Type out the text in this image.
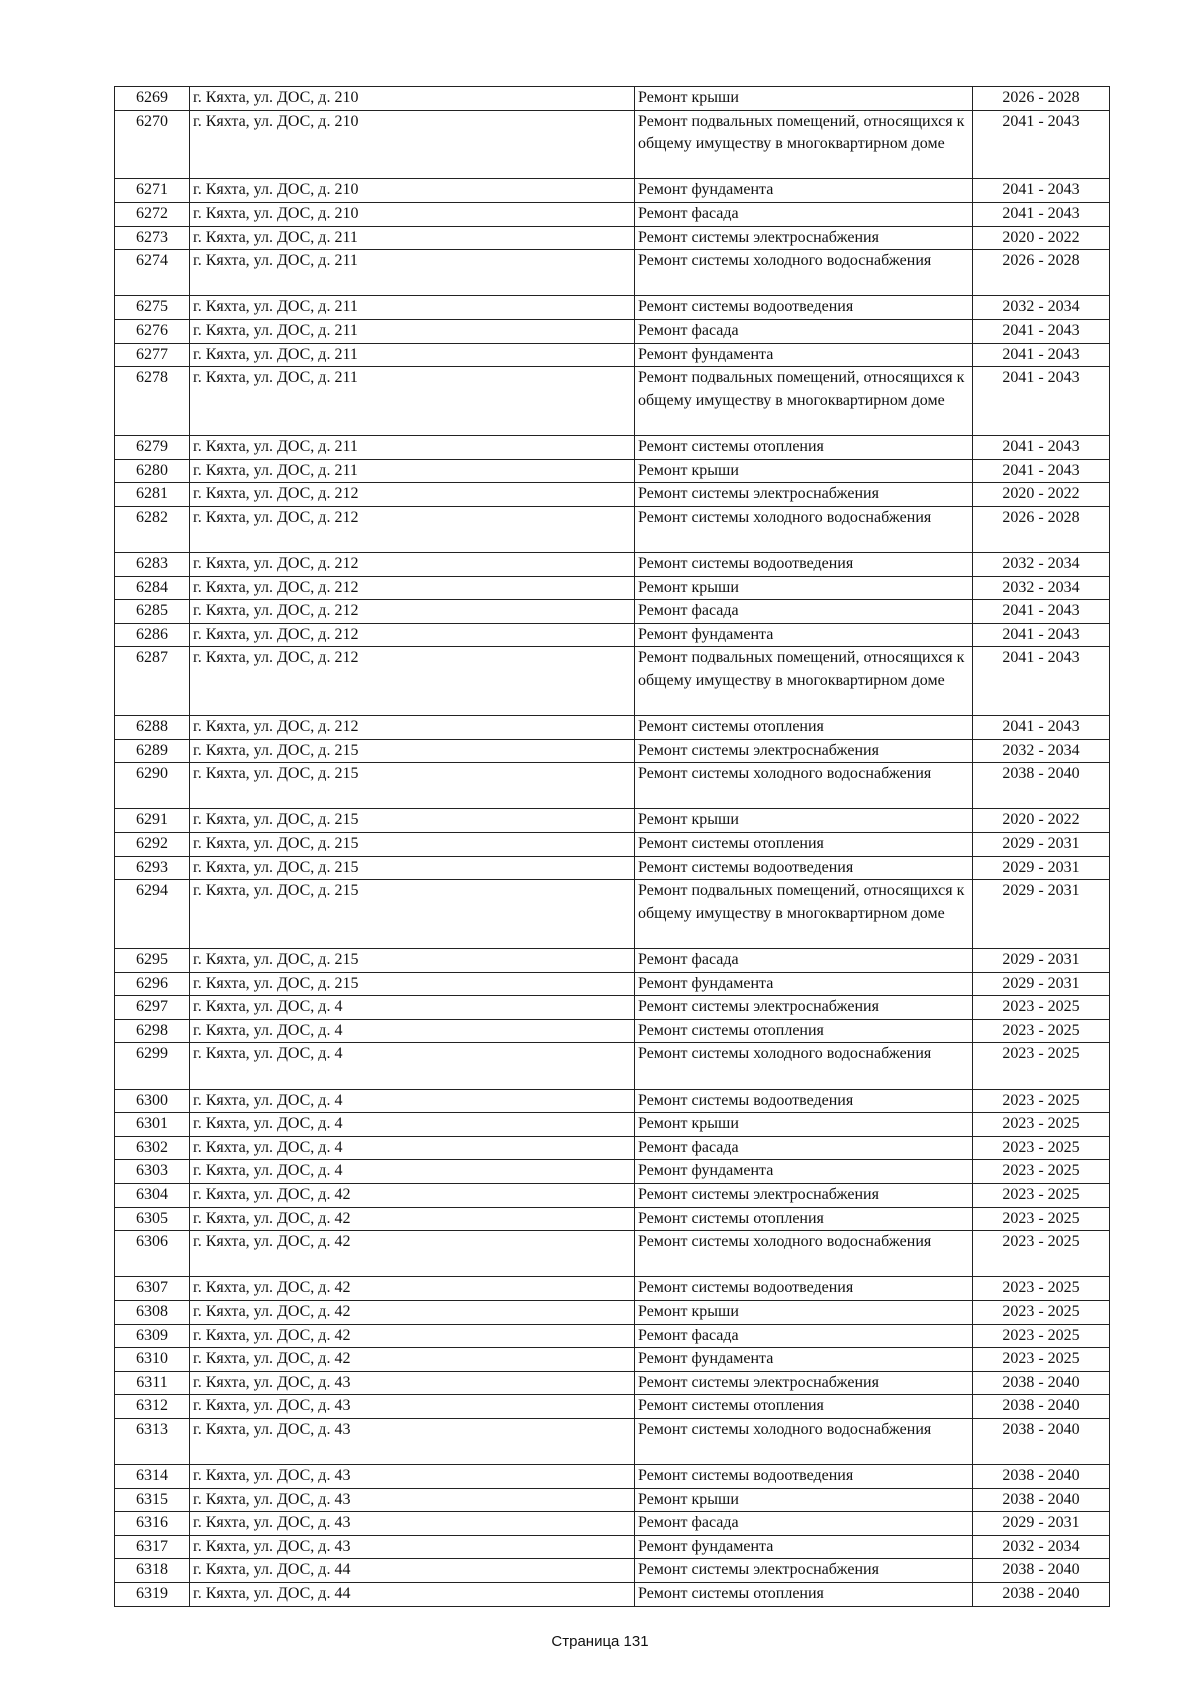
6269	г. Кяхта, ул. ДОС, д. 210	Ремонт крыши	2026 - 2028
6270	г. Кяхта, ул. ДОС, д. 210	Ремонт подвальных помещений, относящихся к общему имуществу в многоквартирном доме	2041 - 2043
6271	г. Кяхта, ул. ДОС, д. 210	Ремонт фундамента	2041 - 2043
6272	г. Кяхта, ул. ДОС, д. 210	Ремонт фасада	2041 - 2043
6273	г. Кяхта, ул. ДОС, д. 211	Ремонт системы электроснабжения	2020 - 2022
6274	г. Кяхта, ул. ДОС, д. 211	Ремонт системы холодного водоснабжения	2026 - 2028
6275	г. Кяхта, ул. ДОС, д. 211	Ремонт системы водоотведения	2032 - 2034
6276	г. Кяхта, ул. ДОС, д. 211	Ремонт фасада	2041 - 2043
6277	г. Кяхта, ул. ДОС, д. 211	Ремонт фундамента	2041 - 2043
6278	г. Кяхта, ул. ДОС, д. 211	Ремонт подвальных помещений, относящихся к общему имуществу в многоквартирном доме	2041 - 2043
6279	г. Кяхта, ул. ДОС, д. 211	Ремонт системы отопления	2041 - 2043
6280	г. Кяхта, ул. ДОС, д. 211	Ремонт крыши	2041 - 2043
6281	г. Кяхта, ул. ДОС, д. 212	Ремонт системы электроснабжения	2020 - 2022
6282	г. Кяхта, ул. ДОС, д. 212	Ремонт системы холодного водоснабжения	2026 - 2028
6283	г. Кяхта, ул. ДОС, д. 212	Ремонт системы водоотведения	2032 - 2034
6284	г. Кяхта, ул. ДОС, д. 212	Ремонт крыши	2032 - 2034
6285	г. Кяхта, ул. ДОС, д. 212	Ремонт фасада	2041 - 2043
6286	г. Кяхта, ул. ДОС, д. 212	Ремонт фундамента	2041 - 2043
6287	г. Кяхта, ул. ДОС, д. 212	Ремонт подвальных помещений, относящихся к общему имуществу в многоквартирном доме	2041 - 2043
6288	г. Кяхта, ул. ДОС, д. 212	Ремонт системы отопления	2041 - 2043
6289	г. Кяхта, ул. ДОС, д. 215	Ремонт системы электроснабжения	2032 - 2034
6290	г. Кяхта, ул. ДОС, д. 215	Ремонт системы холодного водоснабжения	2038 - 2040
6291	г. Кяхта, ул. ДОС, д. 215	Ремонт крыши	2020 - 2022
6292	г. Кяхта, ул. ДОС, д. 215	Ремонт системы отопления	2029 - 2031
6293	г. Кяхта, ул. ДОС, д. 215	Ремонт системы водоотведения	2029 - 2031
6294	г. Кяхта, ул. ДОС, д. 215	Ремонт подвальных помещений, относящихся к общему имуществу в многоквартирном доме	2029 - 2031
6295	г. Кяхта, ул. ДОС, д. 215	Ремонт фасада	2029 - 2031
6296	г. Кяхта, ул. ДОС, д. 215	Ремонт фундамента	2029 - 2031
6297	г. Кяхта, ул. ДОС, д. 4	Ремонт системы электроснабжения	2023 - 2025
6298	г. Кяхта, ул. ДОС, д. 4	Ремонт системы отопления	2023 - 2025
6299	г. Кяхта, ул. ДОС, д. 4	Ремонт системы холодного водоснабжения	2023 - 2025
6300	г. Кяхта, ул. ДОС, д. 4	Ремонт системы водоотведения	2023 - 2025
6301	г. Кяхта, ул. ДОС, д. 4	Ремонт крыши	2023 - 2025
6302	г. Кяхта, ул. ДОС, д. 4	Ремонт фасада	2023 - 2025
6303	г. Кяхта, ул. ДОС, д. 4	Ремонт фундамента	2023 - 2025
6304	г. Кяхта, ул. ДОС, д. 42	Ремонт системы электроснабжения	2023 - 2025
6305	г. Кяхта, ул. ДОС, д. 42	Ремонт системы отопления	2023 - 2025
6306	г. Кяхта, ул. ДОС, д. 42	Ремонт системы холодного водоснабжения	2023 - 2025
6307	г. Кяхта, ул. ДОС, д. 42	Ремонт системы водоотведения	2023 - 2025
6308	г. Кяхта, ул. ДОС, д. 42	Ремонт крыши	2023 - 2025
6309	г. Кяхта, ул. ДОС, д. 42	Ремонт фасада	2023 - 2025
6310	г. Кяхта, ул. ДОС, д. 42	Ремонт фундамента	2023 - 2025
6311	г. Кяхта, ул. ДОС, д. 43	Ремонт системы электроснабжения	2038 - 2040
6312	г. Кяхта, ул. ДОС, д. 43	Ремонт системы отопления	2038 - 2040
6313	г. Кяхта, ул. ДОС, д. 43	Ремонт системы холодного водоснабжения	2038 - 2040
6314	г. Кяхта, ул. ДОС, д. 43	Ремонт системы водоотведения	2038 - 2040
6315	г. Кяхта, ул. ДОС, д. 43	Ремонт крыши	2038 - 2040
6316	г. Кяхта, ул. ДОС, д. 43	Ремонт фасада	2029 - 2031
6317	г. Кяхта, ул. ДОС, д. 43	Ремонт фундамента	2032 - 2034
6318	г. Кяхта, ул. ДОС, д. 44	Ремонт системы электроснабжения	2038 - 2040
6319	г. Кяхта, ул. ДОС, д. 44	Ремонт системы отопления	2038 - 2040
Страница 131
